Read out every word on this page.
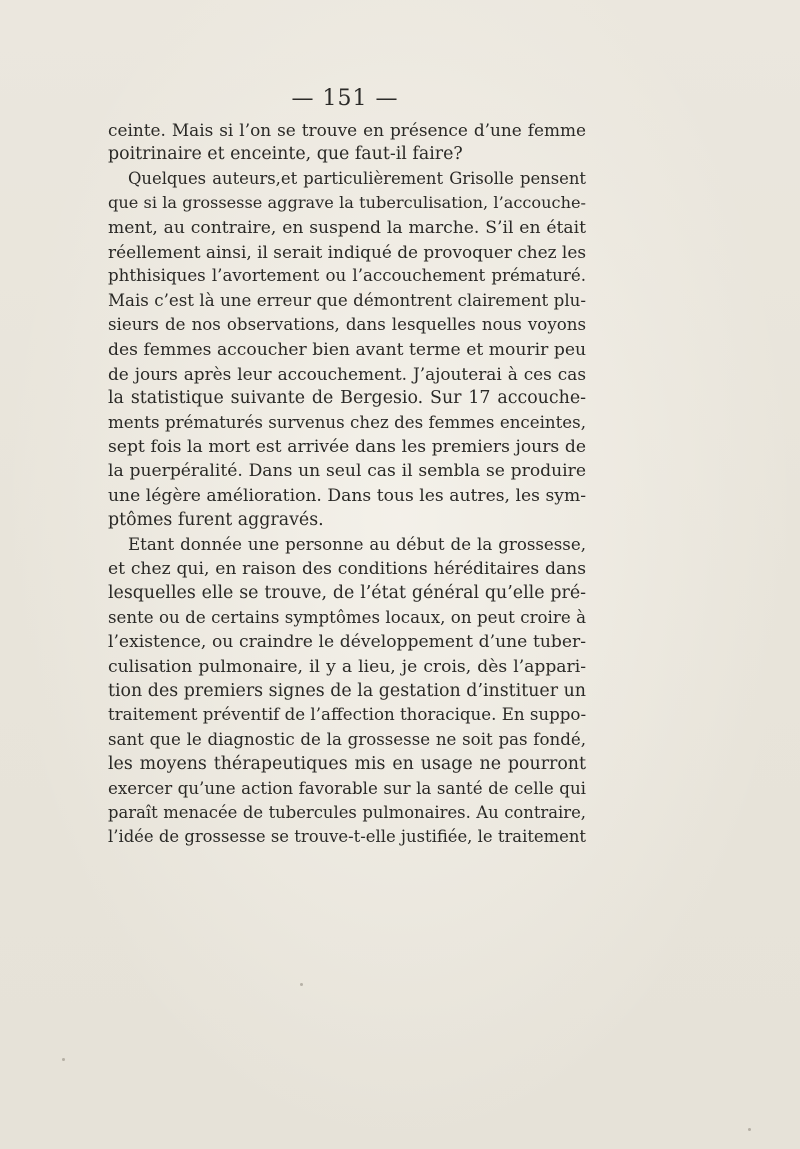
— 151 —
ceinte. Mais si l’on se trouve en présence d’une femme
poitrinaire et enceinte, que faut-il faire?
Quelques auteurs,et particulièrement Grisolle pensent
que si la grossesse aggrave la tuberculisation, l’accouche-
ment, au contraire, en suspend la marche. S’il en était
réellement ainsi, il serait indiqué de provoquer chez les
phthisiques l’avortement ou l’accouchement prématuré.
Mais c’est là une erreur que démontrent clairement plu-
sieurs de nos observations, dans lesquelles nous voyons
des femmes accoucher bien avant terme et mourir peu
de jours après leur accouchement. J’ajouterai à ces cas
la statistique suivante de Bergesio. Sur 17 accouche-
ments prématurés survenus chez des femmes enceintes,
sept fois la mort est arrivée dans les premiers jours de
la puerpéralité. Dans un seul cas il sembla se produire
une légère amélioration. Dans tous les autres, les sym-
ptômes furent aggravés.
Etant donnée une personne au début de la grossesse,
et chez qui, en raison des conditions héréditaires dans
lesquelles elle se trouve, de l’état général qu’elle pré-
sente ou de certains symptômes locaux, on peut croire à
l’existence, ou craindre le développement d’une tuber-
culisation pulmonaire, il y a lieu, je crois, dès l’appari-
tion des premiers signes de la gestation d’instituer un
traitement préventif de l’affection thoracique. En suppo-
sant que le diagnostic de la grossesse ne soit pas fondé,
les moyens thérapeutiques mis en usage ne pourront
exercer qu’une action favorable sur la santé de celle qui
paraît menacée de tubercules pulmonaires. Au contraire,
l’idée de grossesse se trouve-t-elle justifiée, le traitement
